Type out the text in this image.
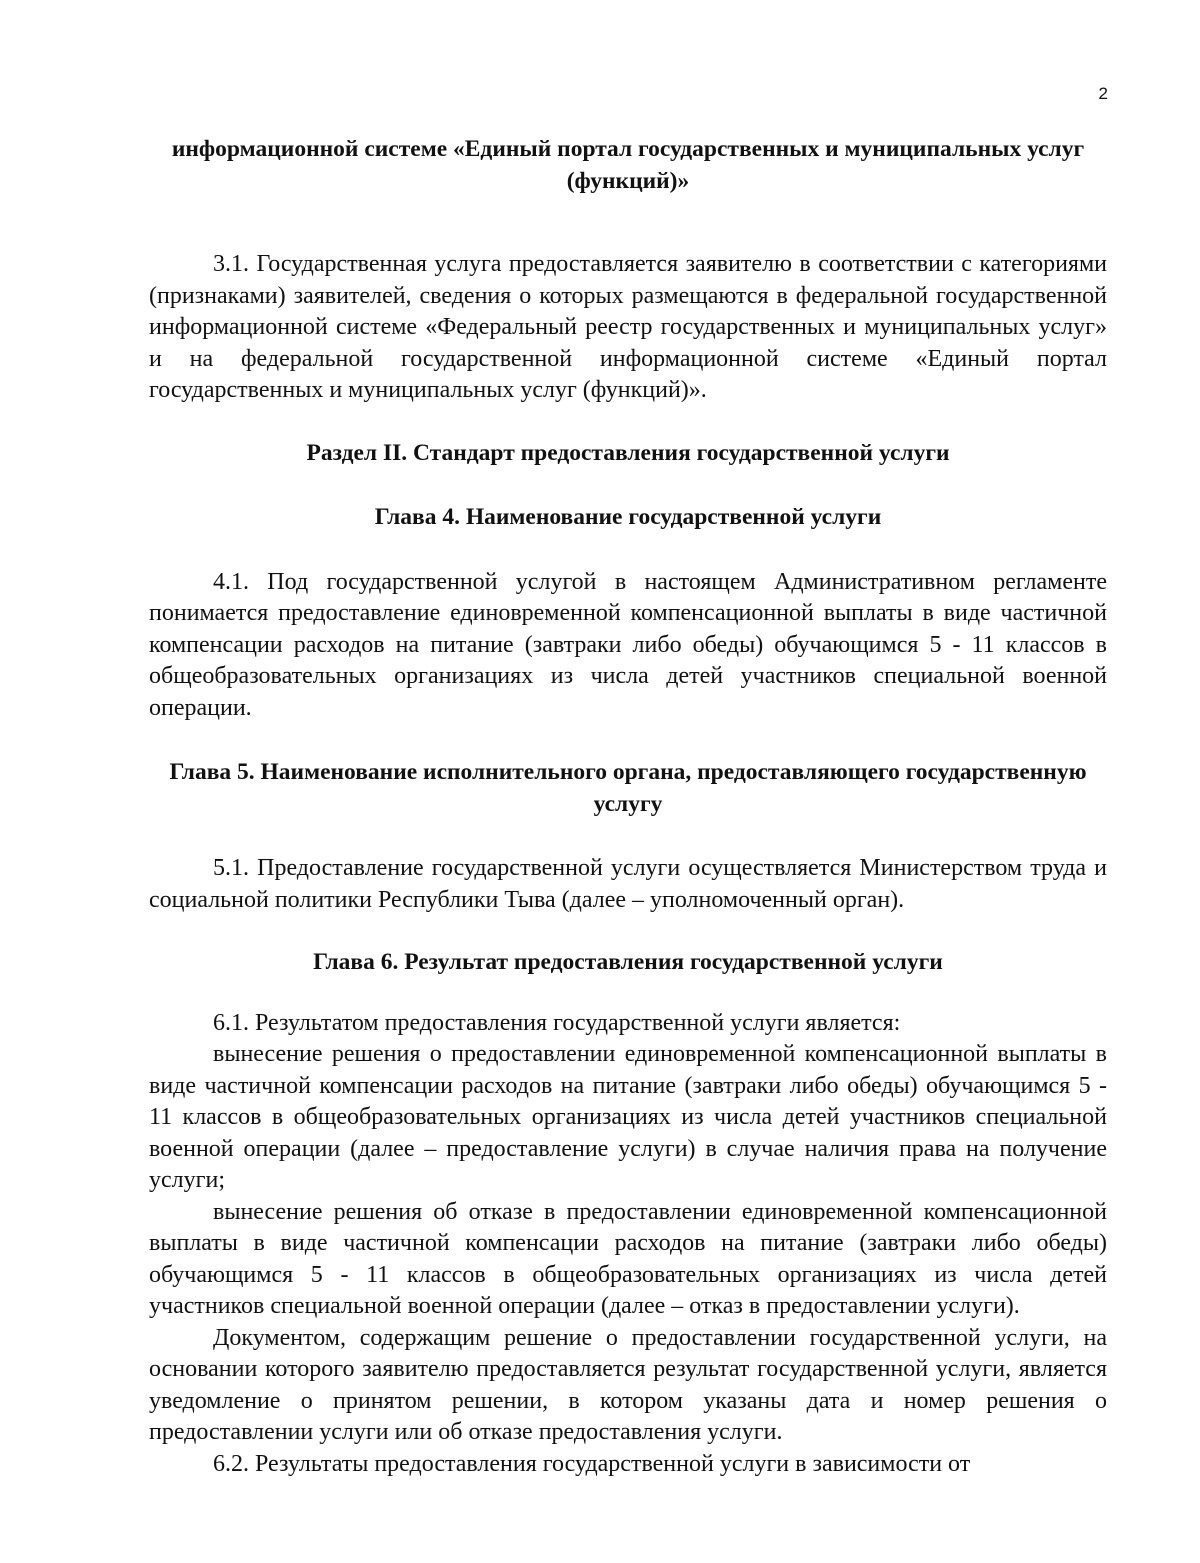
2

информационной системе «Единый портал государственных и муниципальных услуг (функций)»

3.1. Государственная услуга предоставляется заявителю в соответствии с категориями (признаками) заявителей, сведения о которых размещаются в федеральной государственной информационной системе «Федеральный реестр государственных и муниципальных услуг» и на федеральной государственной информационной системе «Единый портал государственных и муниципальных услуг (функций)».

Раздел II. Стандарт предоставления государственной услуги

Глава 4. Наименование государственной услуги

4.1. Под государственной услугой в настоящем Административном регламенте понимается предоставление единовременной компенсационной выплаты в виде частичной компенсации расходов на питание (завтраки либо обеды) обучающимся 5 - 11 классов в общеобразовательных организациях из числа детей участников специальной военной операции.

Глава 5. Наименование исполнительного органа, предоставляющего государственную услугу

5.1. Предоставление государственной услуги осуществляется Министерством труда и социальной политики Республики Тыва (далее – уполномоченный орган).

Глава 6. Результат предоставления государственной услуги

6.1. Результатом предоставления государственной услуги является:

вынесение решения о предоставлении единовременной компенсационной выплаты в виде частичной компенсации расходов на питание (завтраки либо обеды) обучающимся 5 - 11 классов в общеобразовательных организациях из числа детей участников специальной военной операции (далее – предоставление услуги) в случае наличия права на получение услуги;

вынесение решения об отказе в предоставлении единовременной компенсационной выплаты в виде частичной компенсации расходов на питание (завтраки либо обеды) обучающимся 5 - 11 классов в общеобразовательных организациях из числа детей участников специальной военной операции (далее – отказ в предоставлении услуги).

Документом, содержащим решение о предоставлении государственной услуги, на основании которого заявителю предоставляется результат государственной услуги, является уведомление о принятом решении, в котором указаны дата и номер решения о предоставлении услуги или об отказе предоставления услуги.

6.2. Результаты предоставления государственной услуги в зависимости от
